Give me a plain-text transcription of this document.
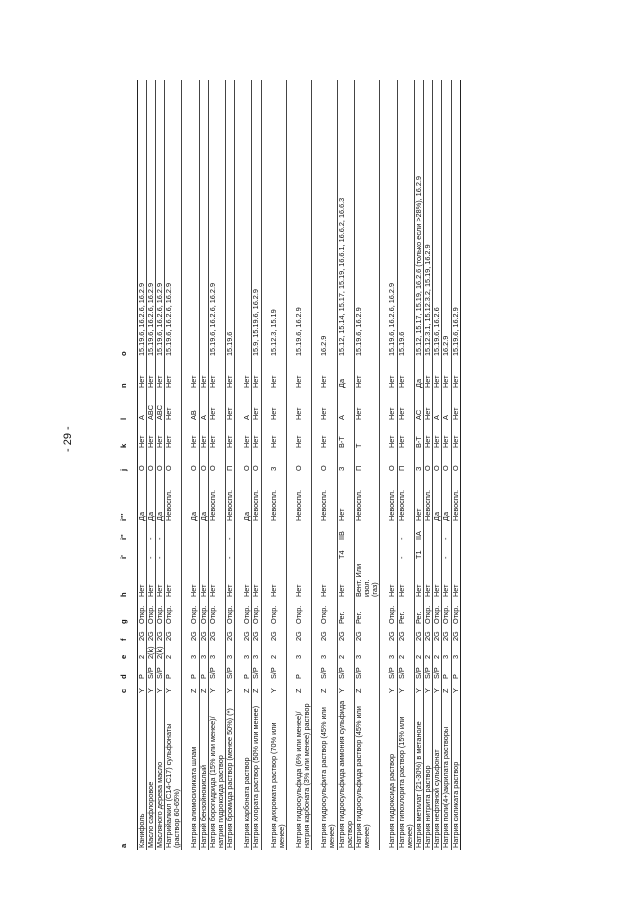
- 29 -
a	c	d	e	f	g	h	i'	i''	i'''	j	k	l	n	o
Канифоль	Y	P	2	2G	Откр.	Нет			Да	O	Нет	A	Нет	15.19.6, 16.2.6, 16.2.9
Масло сафлоровое	Y	S/P	2(k)	2G	Откр.	Нет	-	-	Да	O	Нет	ABC	Нет	15.19.6, 16.2.6, 16.2.9
Масляного дерева масло	Y	S/P	2(k)	2G	Откр.	Нет	-	-	Да	O	Нет	ABC	Нет	15.19.6, 16.2.6, 16.2.9
Натрийалкил (C14-C17) сульфонаты (раствор 60-65%)	Y	P	2	2G	Откр.	Нет			Невоспл.	O	Нет	Нет	Нет	15.19.6, 16.2.6, 16.2.9

Натрия алюмосиликата шлам	Z	P	3	2G	Откр.	Нет			Да	O	Нет	AB	Нет	
Натрий бензойнокислый	Z	P	3	2G	Откр.	Нет			Да	O	Нет	A	Нет	
Натрия борогидрида (15% или менее)/ натрия гидроксида раствор	Y	S/P	3	2G	Откр.	Нет			Невоспл.	O	Нет	Нет	Нет	15.19.6, 16.2.6, 16.2.9
Натрия бромида раствор (менее 50%) (*)	Y	S/P	3	2G	Откр.	Нет	-	-	Невоспл.	П	Нет	Нет	Нет	15.19.6

Натрия карбоната раствор	Z	P	3	2G	Откр.	Нет			Да	O	Нет	A	Нет	
Натрия хлората раствор (50% или менее)	Z	S/P	3	2G	Откр.	Нет			Невоспл.	O	Нет	Нет	Нет	15.9, 15.19.6, 16.2.9

Натрия дихромата раствор (70% или менее)	Y	S/P	2	2G	Откр.	Нет			Невоспл.	З	Нет	Нет	Нет	15.12.3, 15.19

Натрия гидросульфида (6% или менее)/ натрия карбоната (3% или менее) раствор	Z	P	3	2G	Откр.	Нет			Невоспл.	O	Нет	Нет	Нет	15.19.6, 16.2.9

Натрия гидросульфита раствор (45% или менее)	Z	S/P	3	2G	Откр.	Нет			Невоспл.	O	Нет	Нет	Нет	16.2.9
Натрия гидросульфида аммония сульфида раствор	Y	S/P	2	2G	Рег.	Нет	T4	IIB	Нет	З	В-Т	A	Да	15.12, 15.14, 15.17, 15.19, 16.6.1, 16.6.2, 16.6.3
Натрия гидросульфида раствор (45% или менее)	Z	S/P	3	2G	Рег.	Вент. Или изол. (газ)			Невоспл.	П	Т	Нет	Нет	15.19.6, 16.2.9

Натрия гидроксида раствор	Y	S/P	3	2G	Откр.	Нет			Невоспл.	O	Нет	Нет	Нет	15.19.6, 16.2.6, 16.2.9
Натрия гипохлорита раствор (15% или менее)	Y	S/P	2	2G	Рег.	Нет	-	-	Невоспл.	П	Нет	Нет	Нет	15.19.6
Натрия метилат (21-30%) в метаноле	Y	S/P	2	2G	Рег.	Нет	T1	IIA	Нет	З	В-Т	AC	Да	15.12, 15.17, 15.19, 16.2.6 (только если >28%), 16.2.9
Натрия нитрита раствор	Y	S/P	2	2G	Откр.	Нет			Невоспл.	O	Нет	Нет	Нет	15.12.3.1, 15.12.3.2, 15.19, 16.2.9
Натрия нефтяной сульфонат	Y	S/P	2	2G	Откр.	Нет			Да	O	Нет	A	Нет	15.19.6, 16.2.6
Натрия поли(4+)акрилата растворы	Z	P	3	2G	Откр.	Нет	-	-	Да	O	Нет	A	Нет	16.2.9
Натрия силиката раствор	Y	P	3	2G	Откр.	Нет			Невоспл.	O	Нет	Нет	Нет	15.19.6, 16.2.9
